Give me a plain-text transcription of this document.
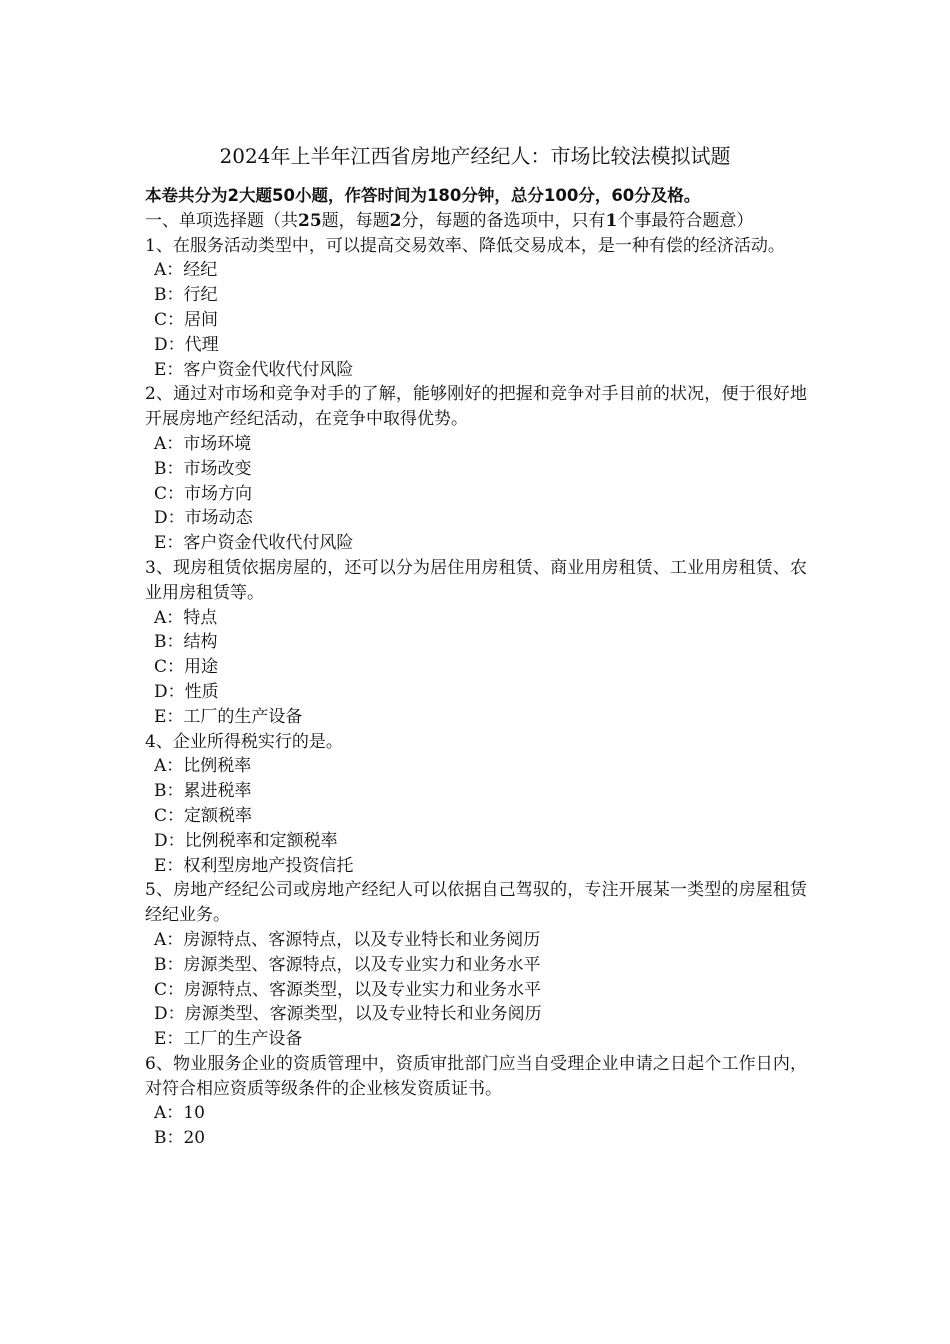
2024年上半年江西省房地产经纪人：市场比较法模拟试题
本卷共分为2大题50小题，作答时间为180分钟，总分100分，60分及格。
一、单项选择题（共25题，每题2分，每题的备选项中，只有1个事最符合题意）
1、在服务活动类型中，可以提高交易效率、降低交易成本，是一种有偿的经济活动。
A：经纪
B：行纪
C：居间
D：代理
E：客户资金代收代付风险
2、通过对市场和竞争对手的了解，能够刚好的把握和竞争对手目前的状况，便于很好地开展房地产经纪活动，在竞争中取得优势。
A：市场环境
B：市场改变
C：市场方向
D：市场动态
E：客户资金代收代付风险
3、现房租赁依据房屋的，还可以分为居住用房租赁、商业用房租赁、工业用房租赁、农业用房租赁等。
A：特点
B：结构
C：用途
D：性质
E：工厂的生产设备
4、企业所得税实行的是。
A：比例税率
B：累进税率
C：定额税率
D：比例税率和定额税率
E：权利型房地产投资信托
5、房地产经纪公司或房地产经纪人可以依据自己驾驭的，专注开展某一类型的房屋租赁经纪业务。
A：房源特点、客源特点，以及专业特长和业务阅历
B：房源类型、客源特点，以及专业实力和业务水平
C：房源特点、客源类型，以及专业实力和业务水平
D：房源类型、客源类型，以及专业特长和业务阅历
E：工厂的生产设备
6、物业服务企业的资质管理中，资质审批部门应当自受理企业申请之日起个工作日内，对符合相应资质等级条件的企业核发资质证书。
A：10
B：20
